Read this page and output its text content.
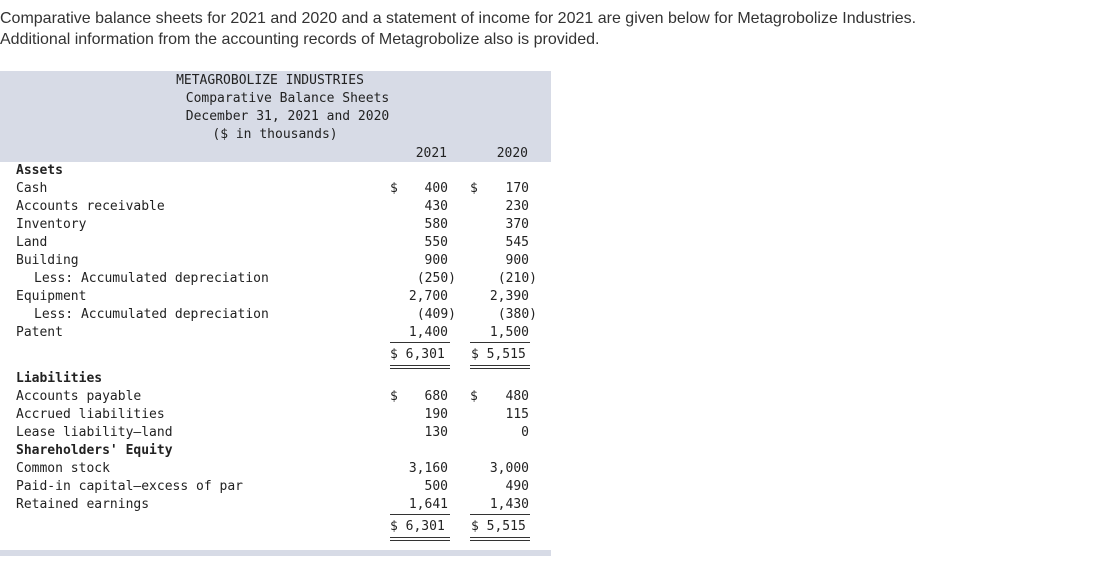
Comparative balance sheets for 2021 and 2020 and a statement of income for 2021 are given below for Metagrobolize Industries.
Additional information from the accounting records of Metagrobolize also is provided.
METAGROBOLIZE INDUSTRIES
Comparative Balance Sheets
December 31, 2021 and 2020
($ in thousands)
2021	2020
Assets
Cash	$	400 $	170
Accounts receivable	430	230
Inventory	580	370
Land	550	545
Building	900	900
Less: Accumulated depreciation	(250)	(210)
Equipment	2,700	2,390
Less: Accumulated depreciation	(409)	(380)
Patent	1,400	1,500
$ 6,301 $ 5,515
Liabilities
Accounts payable	$	680 $	480
Accrued liabilities	190	115
Lease liability—land	130	0
Shareholders' Equity
Common stock	3,160	3,000
Paid-in capital—excess of par	500	490
Retained earnings	1,641	1,430
$ 6,301 $ 5,515
